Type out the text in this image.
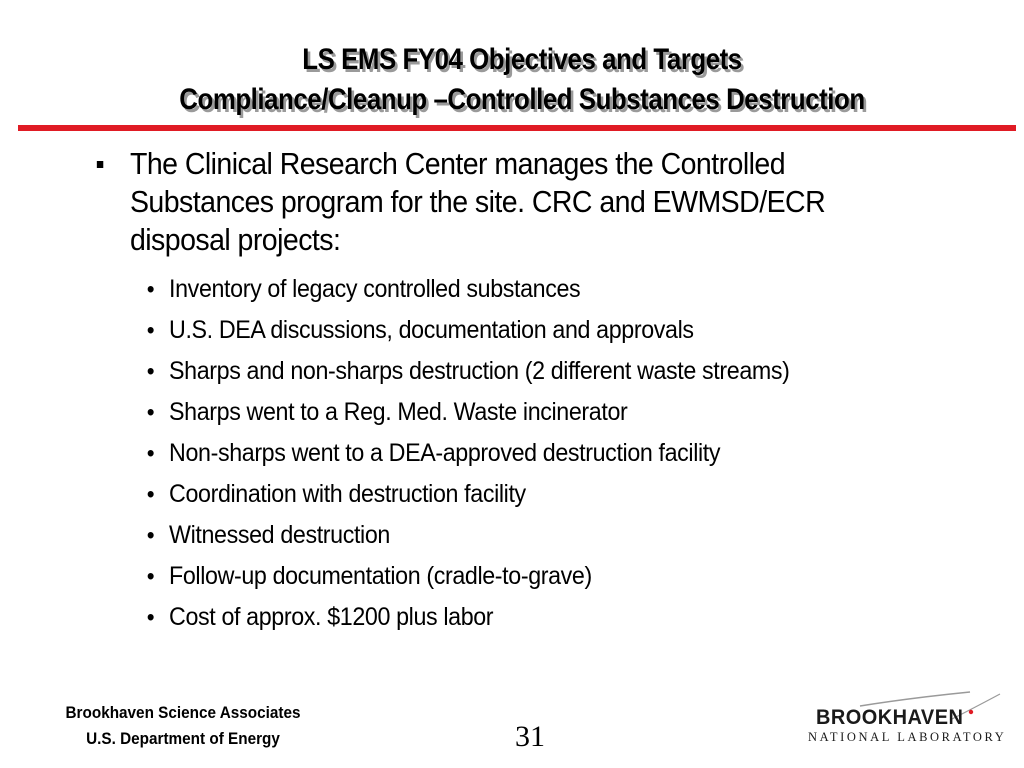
LS EMS FY04 Objectives and Targets
Compliance/Cleanup –Controlled Substances Destruction
The Clinical Research Center manages the Controlled Substances program for the site. CRC and EWMSD/ECR disposal projects:
• Inventory of legacy controlled substances
• U.S. DEA discussions, documentation and approvals
• Sharps and non-sharps destruction (2 different waste streams)
• Sharps went to a Reg. Med. Waste incinerator
• Non-sharps went to a DEA-approved destruction facility
• Coordination with destruction facility
• Witnessed destruction
• Follow-up documentation (cradle-to-grave)
• Cost of approx. $1200 plus labor
Brookhaven Science Associates
U.S. Department of Energy	31
BROOKHAVEN
NATIONAL LABORATORY
